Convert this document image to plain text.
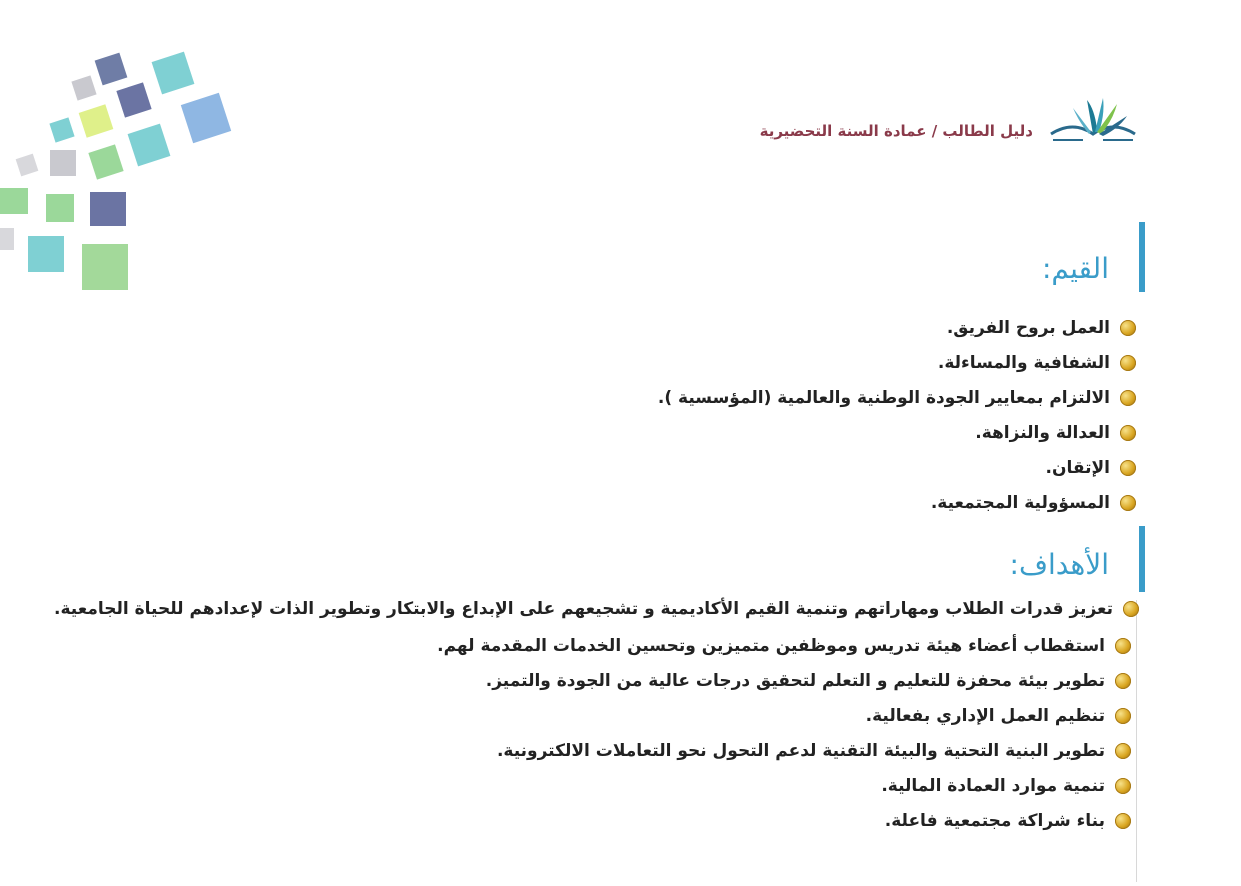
دليل الطالب / عمادة السنة التحضيرية
القيم:
العمل بروح الفريق.
الشفافية والمساءلة.
الالتزام بمعايير الجودة الوطنية والعالمية (المؤسسية ).
العدالة والنزاهة.
الإتقان.
المسؤولية المجتمعية.
الأهداف:
تعزيز قدرات الطلاب ومهاراتهم وتنمية القيم الأكاديمية و تشجيعهم على الإبداع والابتكار وتطوير الذات لإعدادهم للحياة الجامعية.
استقطاب أعضاء هيئة تدريس وموظفين متميزين وتحسين الخدمات المقدمة لهم.
تطوير بيئة محفزة للتعليم و التعلم لتحقيق درجات عالية من الجودة والتميز.
تنظيم العمل الإداري بفعالية.
تطوير البنية التحتية والبيئة التقنية لدعم التحول نحو التعاملات الالكترونية.
تنمية موارد العمادة المالية.
بناء شراكة مجتمعية فاعلة.
